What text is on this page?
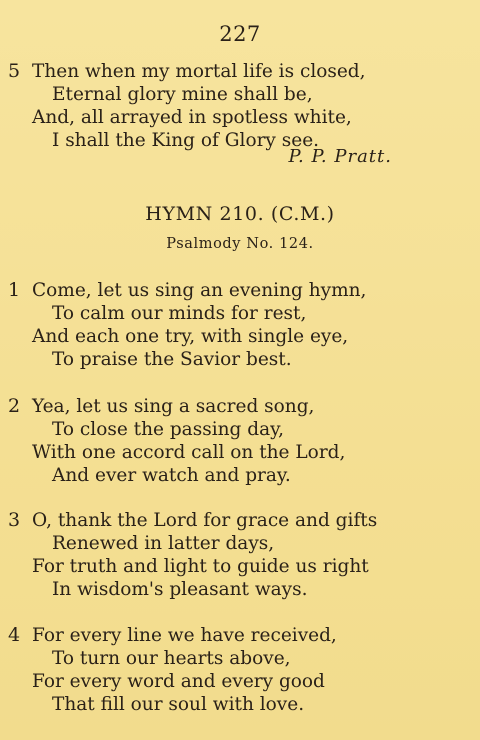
227
5 Then when my mortal life is closed,
Eternal glory mine shall be,
And, all arrayed in spotless white,
I shall the King of Glory see.
P. P. Pratt.
HYMN 210. (C.M.)
Psalmody No. 124.
1 Come, let us sing an evening hymn,
To calm our minds for rest,
And each one try, with single eye,
To praise the Savior best.
2 Yea, let us sing a sacred song,
To close the passing day,
With one accord call on the Lord,
And ever watch and pray.
3 O, thank the Lord for grace and gifts
Renewed in latter days,
For truth and light to guide us right
In wisdom's pleasant ways.
4 For every line we have received,
To turn our hearts above,
For every word and every good
That fill our soul with love.
